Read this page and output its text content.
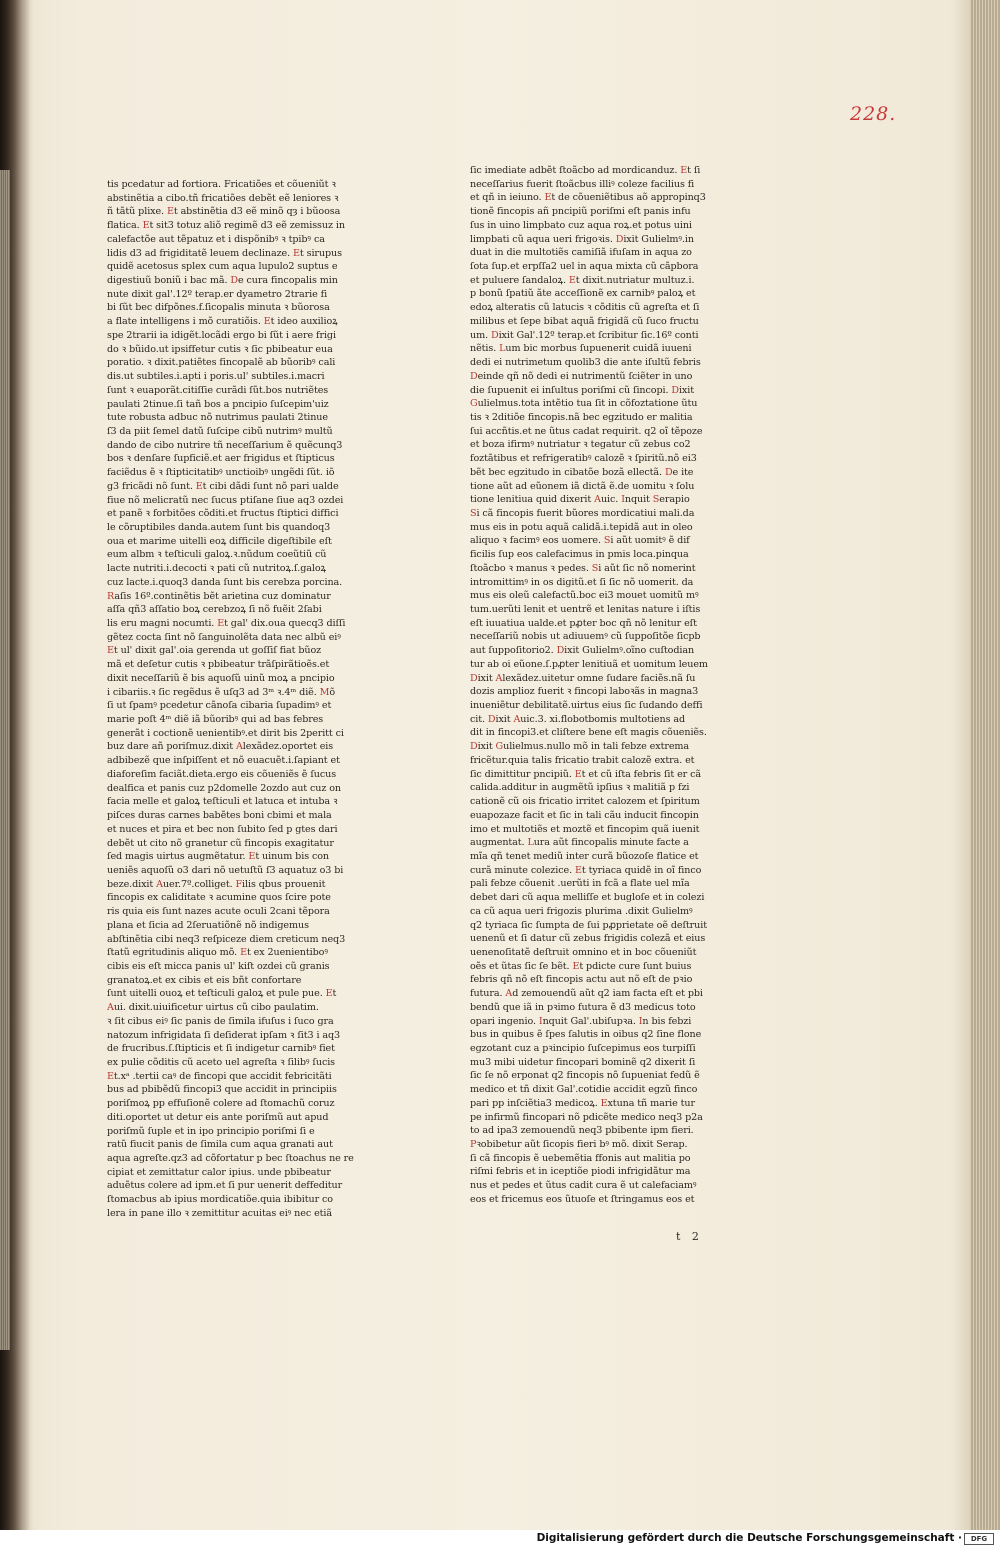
228.
tis pcedatur ad fortiora. Fricatiões et cõueniũt ꝛ
abstinẽtia a cibo.tñ fricatiões debẽt eẽ leniores ꝛ
ñ tãtũ plixe. Et abstinẽtia d3 eẽ minõ qȝ i bũoosa
flatica. Et sit3 totuz aliõ regimẽ d3 eẽ zemissuz in
calefactõe aut tẽpatuz et i dispõnibꝰ ꝛ tpibꝰ ca
lidis d3 ad frigiditatẽ leuem declinaze. Et sirupus
quidẽ acetosus splex cum aqua lupulo2 suptus e
digestiuũ boniũ i bac mã. De cura fincopalis min
nute dixit gal'.12º terap.er dyametro 2trarie fi
bi ſũt bec difpõnes.f.ſicopalis minuta ꝛ bũorosa
a flate intelligens i mõ curatiõis. Et ideo auxilioꝝ
spe 2trarii ia idigẽt.locãdi ergo bi ſũt i aere frigi
do ꝛ bũido.ut ipsiffetur cutis ꝛ ſic pbibeatur eua
poratio. ꝛ dixit.patiẽtes fincopalẽ ab bũoribꝰ cali
dis.ut subtiles.i.apti i poris.ul' subtiles.i.macri
ſunt ꝛ euaporãt.citiſſie curãdi ſũt.bos nutriẽtes
paulati 2tinue.ſi tañ bos a pncipio ſuſcepim'uiz
tute robusta adbuc nõ nutrimus paulati 2tinue
ſ3 da piit ſemel datũ ſuſcipe cibũ nutrimꝰ multũ
dando de cibo nutrire tñ neceſſarium ẽ quẽcunq3
bos ꝛ denſare ſupficiẽ.et aer frigidus et ſtipticus
faciẽdus ẽ ꝛ ſtipticitatibꝰ unctioibꝰ ungẽdi ſũt. iõ
g3 fricãdi nõ ſunt. Et cibi dãdi ſunt nõ pari ualde
fiue nõ melicratũ nec ſucus ptiſane ſiue aq3 ozdei
et panẽ ꝛ forbitões cõditi.et fructus ſtiptici diffici
le cõruptibiles danda.autem ſunt bis quandoq3
oua et marime uitelli eoꝝ difficile digeſtibile eſt
eum albm ꝛ teſticuli galoꝝ.ꝛ.nũdum coeũtiũ cũ
lacte nutriti.i.decocti ꝛ pati cũ nutritoꝝ.ſ.galoꝝ
cuz lacte.i.quoq3 danda ſunt bis cerebza porcina.
Raſis 16º.continẽtis bẽt arietina cuz dominatur
aſſa qñ3 aſſatio boꝝ cerebzoꝝ ſi nõ fuẽit 2ſabi
lis eru magni nocumti. Et gal' dix.oua quecq3 diſſi
gẽtez cocta ſint nõ ſanguinolẽta data nec albũ eiꝰ
Et ul' dixit gal'.oia gerenda ut goſſiſ fiat bũoz
mã et deſetur cutis ꝛ pbibeatur trãſpirãtioẽs.et
dixit neceſſariũ ẽ bis aquoſũ uinũ moꝝ a pncipio
i cibariis.ꝛ ſic regẽdus ẽ uſq3 ad 3ᵐ ꝛ.4ᵐ diẽ. Mõ
ſi ut ſpamꝰ pcedetur cãnoſa cibaria ſupadimꝰ et
marie poſt 4ᵐ diẽ iã bũoribꝰ qui ad bas febres
generãt i coctionẽ uenientibꝰ.et dirit bis 2peritt ci
buz dare añ poriſmuz.dixit Alexãdez.oportet eis
adbibezẽ que inſpiſſent et nõ euacuẽt.i.ſapiant et
diaforeſim faciãt.dieta.ergo eis cõueniẽs ẽ ſucus
dealfica et panis cuz p2domelle 2ozdo aut cuz on
facia melle et galoꝝ teſticuli et latuca et intuba ꝛ
piſces duras carnes babẽtes boni cbimi et mala
et nuces et pira et bec non ſubito ſed p gtes dari
debẽt ut cito nõ granetur cũ fincopis exagitatur
ſed magis uirtus augmẽtatur. Et uinum bis con
ueniẽs aquoſũ o3 dari nõ uetuſtũ ſ3 aquatuz o3 bi
beze.dixit Auer.7º.colliget. Filis qbus prouenit
fincopis ex caliditate ꝛ acumine quos ſcire pote
ris quia eis ſunt nazes acute oculi 2cani tẽpora
plana et ſicia ad 2ſeruatiõnẽ nõ indigemus
abſtinẽtia cibi neq3 reſpiceze diem creticum neq3
ſtatũ egritudinis aliquo mõ. Et ex 2uenientiboꝰ
cibis eis eſt micca panis ul' kiſt ozdei cũ granis
granatoꝝ.et ex cibis et eis bñt confortare
ſunt uitelli ouoꝝ et teſticuli galoꝝ et pule pue. Et
Aui. dixit.uiuificetur uirtus cũ cibo paulatim.
ꝛ ſit cibus eiꝰ ſic panis de ſimila ifuſus i ſuco gra
natozum infrigidata ſi deſiderat ipſam ꝛ ſit3 i aq3
de frucribus.ſ.ſtipticis et ſi indigetur carnibꝰ fiet
ex pulie cõditis cũ aceto uel agreſta ꝛ ſilibꝰ ſucis
Et.xᵃ .tertii caꝰ de fincopi que accidit febricitãti
bus ad pbibẽdũ fincopi3 que accidit in principiis
poriſmoꝝ pp effuſionẽ colere ad ſtomachũ coruz
diti.oportet ut detur eis ante poriſmũ aut apud
poriſmũ ſuple et in ipo principio poriſmi ſi e
ratũ fiucit panis de ſimila cum aqua granati aut
aqua agreſte.qz3 ad cõfortatur p bec ſtoachus ne re
cipiat et zemittatur calor ipius. unde pbibeatur
aduẽtus colere ad ipm.et ſi pur uenerit deffeditur
ſtomacbus ab ipius mordicatiõe.quia ibibitur co
lera in pane illo ꝛ zemittitur acuitas eiꝰ nec etiã
ſic imediate adbẽt ſtoãcbo ad mordicanduz. Et ſi
neceſſarius fuerit ſtoãcbus illiꝰ coleze facilius fi
et qñ in ieiuno. Et de cõueniẽtibus aõ appropinq3
tionẽ fincopis añ pncipiũ poriſmi eſt panis infu
ſus in uino limpbato cuz aqua roꝝ.et potus uini
limpbati cũ aqua ueri frigoꝛis. Dixit Gulielmꝰ.in
duat in die multotiẽs camiſiã ifuſam in aqua zo
ſota ſup.et erpſſa2 uel in aqua mixta cũ cãpbora
et puluere ſandaloꝝ. Et dixit.nutriatur multuz.i.
p bonũ ſpatiũ ãte acceſſionẽ ex carnibꝰ paloꝝ et
edoꝝ alteratis cũ latucis ꝛ cõditis cũ agreſta et ſi
milibus et ſepe bibat aquã frigidã cũ ſuco fructu
um. Dixit Gal'.12º terap.et ſcribitur ſic.16º conti
nẽtis. Lum bic morbus ſupuenerit cuidã iuueni
dedi ei nutrimetum quolib3 die ante iſultũ febris
Deinde qñ nõ dedi ei nutrimentũ ſciẽter in uno
die ſupuenit ei inſultus poriſmi cũ ſincopi. Dixit
Gulielmus.tota intẽtio tua ſit in cõfoztatione ũtu
tis ꝛ 2ditiõe fincopis.nã bec egzitudo er malitia
ſui accñtis.et ne ũtus cadat requirit. q2 oĩ tẽpoze
et boza ifirmꝰ nutriatur ꝛ tegatur cũ zebus co2
foztãtibus et refrigeratibꝰ calozẽ ꝛ ſpiritũ.nõ ei3
bẽt bec egzitudo in cibatõe bozã ellectã. De ite
tione aũt ad eũonem iã dictã ẽ.de uomitu ꝛ ſolu
tione lenitiua quid dixerit Auic. Inquit Serapio
Si cã fincopis fuerit bũores mordicatiui mali.da
mus eis in potu aquã calidã.i.tepidã aut in oleo
aliquo ꝛ facimꝰ eos uomere. Si aũt uomitꝰ ẽ dif
ficilis ſup eos calefacimus in pmis loca.pinqua
ſtoãcbo ꝛ manus ꝛ pedes. Si aũt ſic nõ nomerint
intromittimꝰ in os digitũ.et ſi ſic nõ uomerit. da
mus eis oleũ calefactũ.boc ei3 mouet uomitũ mꝰ
tum.uerũti lenit et uentrẽ et lenitas nature i iſtis
eſt iuuatiua ualde.et pꝓter boc qñ nõ lenitur eſt
neceſſariũ nobis ut adiuuemꝰ cũ ſuppoſitõe ſicpb
aut ſuppoſitorio2. Dixit Gulielmꝰ.oĩno cuſtodian
tur ab oi eũone.ſ.pꝓter lenitiuã et uomitum leuem
Dixit Alexãdez.uitetur omne ſudare faciẽs.nã ſu
dozis amplioz fuerit ꝛ fincopi laboꝛãs in magna3
inueniẽtur debilitatẽ.uirtus eius ſic ſudando deffi
cit. Dixit Auic.3. xi.flobotbomis multotiens ad
dit in fincopi3.et cliſtere bene eſt magis cõueniẽs.
Dixit Gulielmus.nullo mõ in tali febze extrema
fricẽtur.quia talis fricatio trabit calozẽ extra. et
ſic dimittitur pncipiũ. Et et cũ iſta febris ſit er cã
calida.additur in augmẽtũ ipſius ꝛ malitiã p fzi
cationẽ cũ ois fricatio irritet calozem et ſpiritum
euapozaze facit et ſic in tali cãu inducit fincopin
imo et multotiẽs et moztẽ et fincopim quã iuenit
augmentat. Lura aũt fincopalis minute facte a
mĩa qñ tenet mediũ inter curã bũozoſe flatice et
curã minute colezice. Et tyriaca quidẽ in oĩ finco
pali febze cõuenit .uerũti in fcã a flate uel mĩa
debet dari cũ aqua melliſſe et bugloſe et in colezi
ca cũ aqua ueri frigozis plurima .dixit Gulielmꝰ
q2 tyriaca ſic ſumpta de ſui pꝓprietate oẽ deſtruit
uenenũ et ſi datur cũ zebus frigidis colezã et eius
uenenoſitatẽ deſtruit omnino et in boc cõueniũt
oẽs et ũtas ſic ſe bẽt. Et pdicte cure ſunt buius
febris qñ nõ eſt fincopis actu aut nõ eſt de pꝛio
futura. Ad zemouendũ aũt q2 iam facta eſt et pbi
bendũ que iã in pꝛimo futura ẽ d3 medicus toto
opari ingenio. Inquit Gal'.ubiſupꝛa. In bis febzi
bus in quibus ẽ ſpes ſalutis in oibus q2 ſine flone
egzotant cuz a pꝛincipio ſuſcepimus eos turpiſſi
mu3 mibi uidetur fincopari bominẽ q2 dixerit ſi
ſic ſe nõ erponat q2 fincopis nõ ſupueniat fedũ ẽ
medico et tñ dixit Gal'.cotidie accidit egzũ finco
pari pp inſciẽtia3 medicoꝝ. Extuna tñ marie tur
pe infirmũ fincopari nõ pdicẽte medico neq3 p2a
to ad ipa3 zemouendũ neq3 pbibente ipm fieri.
Pꝛobibetur aũt ſicopis fieri bꝰ mõ. dixit Serap.
ſi cã fincopis ẽ uebemẽtia ffonis aut malitia po
riſmi febris et in iceptiõe piodi infrigidãtur ma
nus et pedes et ũtus cadit cura ẽ ut calefaciamꝰ
eos et fricemus eos ũtuoſe et ſtringamus eos et
t 2
Digitalisierung gefördert durch die Deutsche Forschungsgemeinschaft ·	DFG
